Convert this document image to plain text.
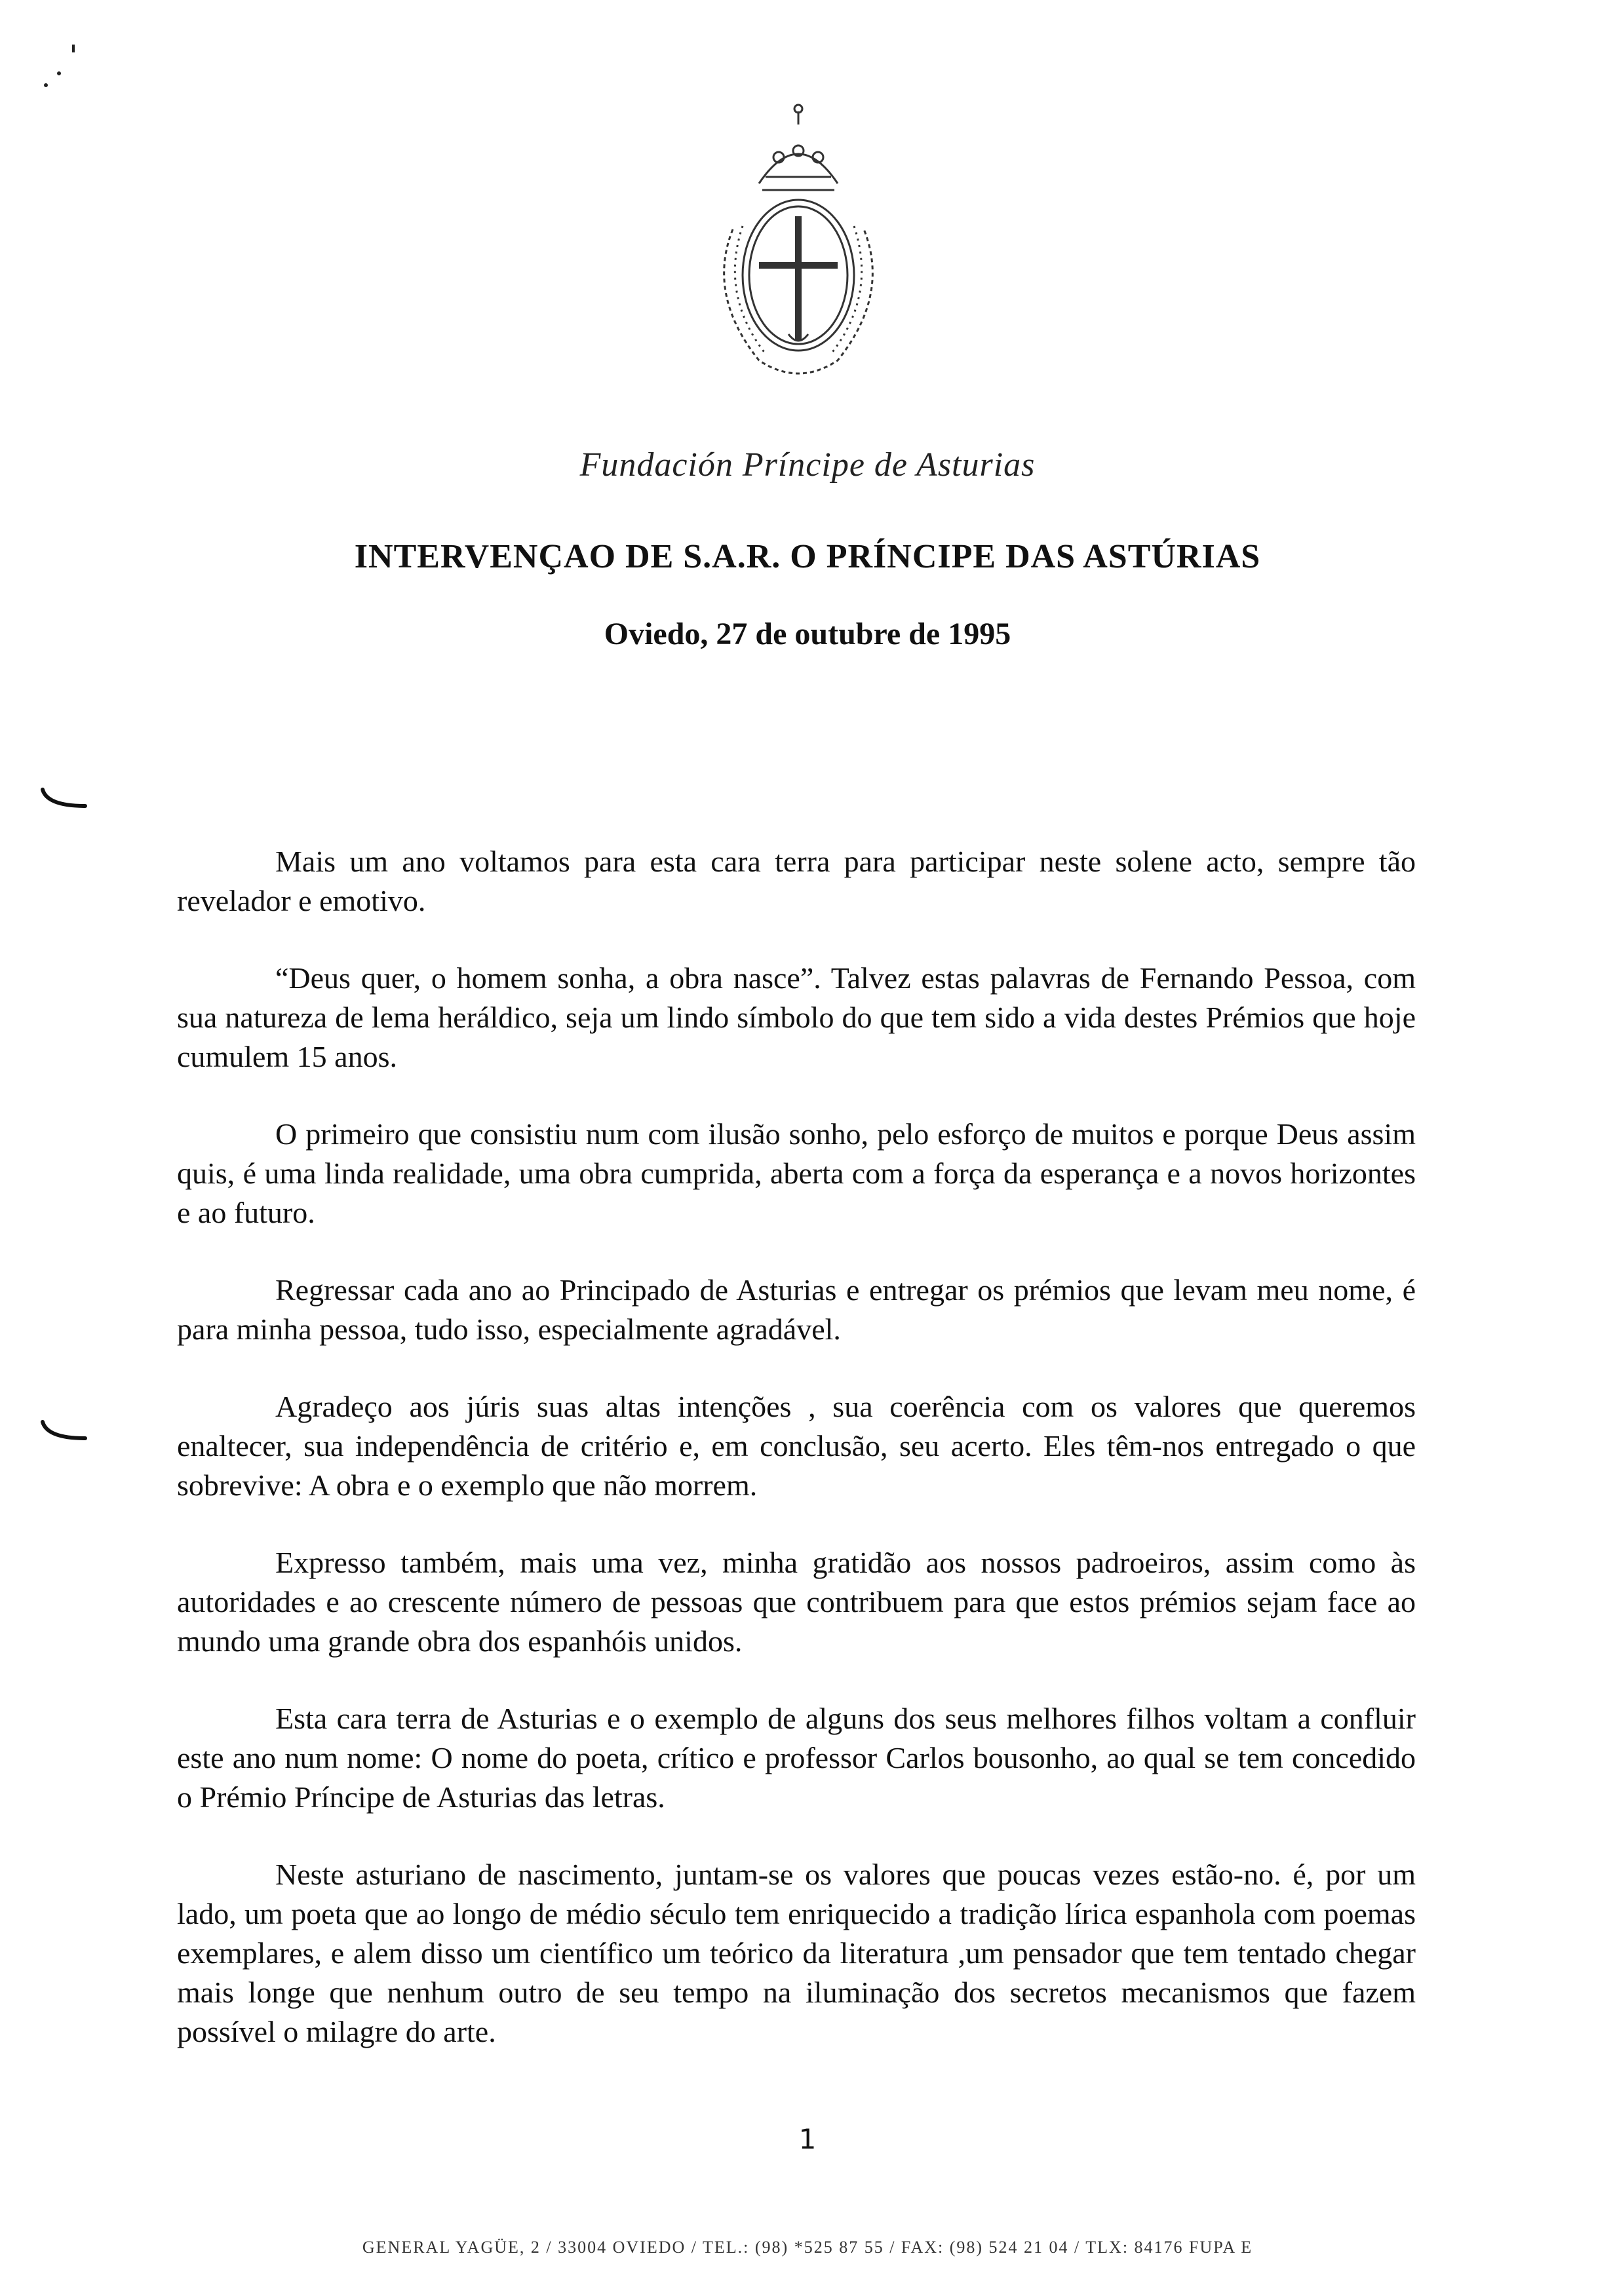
Fundación Príncipe de Asturias
INTERVENÇAO DE S.A.R. O PRÍNCIPE DAS ASTÚRIAS
Oviedo, 27 de outubre de 1995

Mais um ano voltamos para esta cara terra para participar neste solene acto, sempre tão revelador e emotivo.

“Deus quer, o homem sonha, a obra nasce”. Talvez estas palavras de Fernando Pessoa, com sua natureza de lema heráldico, seja um lindo símbolo do que tem sido a vida destes Prémios que hoje cumulem 15 anos.

O primeiro que consistiu num com ilusão sonho, pelo esforço de muitos e porque Deus assim quis, é uma linda realidade, uma obra cumprida, aberta com a força da esperança e a novos horizontes e ao futuro.

Regressar cada ano ao Principado de Asturias e entregar os prémios que levam meu nome, é para minha pessoa, tudo isso, especialmente agradável.

Agradeço aos júris suas altas intenções , sua coerência com os valores que queremos enaltecer, sua independência de critério e, em conclusão, seu acerto. Eles têm-nos entregado o que sobrevive: A obra e o exemplo que não morrem.

Expresso também, mais uma vez, minha gratidão aos nossos padroeiros, assim como às autoridades e ao crescente número de pessoas que contribuem para que estos prémios sejam face ao mundo uma grande obra dos espanhóis unidos.

Esta cara terra de Asturias e o exemplo de alguns dos seus melhores filhos voltam a confluir este ano num nome: O nome do poeta, crítico e professor Carlos bousonho, ao qual se tem concedido o Prémio Príncipe de Asturias das letras.

Neste asturiano de nascimento, juntam-se os valores que poucas vezes estão-no. é, por um lado, um poeta que ao longo de médio século tem enriquecido a tradição lírica espanhola com poemas exemplares, e alem disso um científico um teórico da literatura ,um pensador que tem tentado chegar mais longe que nenhum outro de seu tempo na iluminação dos secretos mecanismos que fazem possível o milagre do arte.

1
GENERAL YAGÜE, 2 / 33004 OVIEDO / TEL.: (98) *525 87 55 / FAX: (98) 524 21 04 / TLX: 84176 FUPA E
